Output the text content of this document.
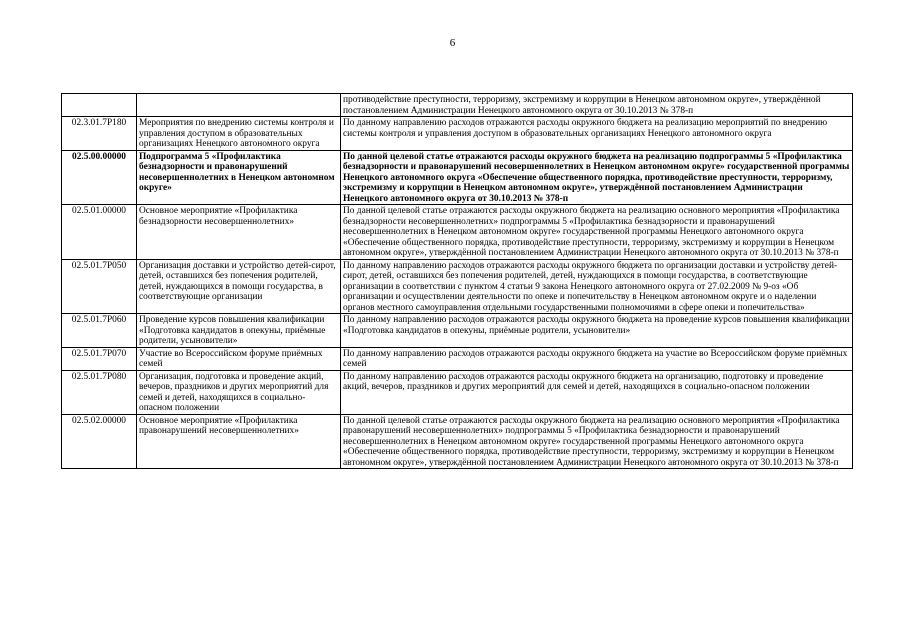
6
		противодействие преступности, терроризму, экстремизму и коррупции в Ненецком автономном округе», утверждённой постановлением Администрации Ненецкого автономного округа от 30.10.2013 № 378-п
02.3.01.7Р180	Мероприятия по внедрению системы контроля и управления доступом в образовательных организациях Ненецкого автономного округа	По данному направлению расходов отражаются расходы окружного бюджета на реализацию мероприятий по внедрению системы контроля и управления доступом в образовательных организациях Ненецкого автономного округа
02.5.00.00000	Подпрограмма 5 «Профилактика безнадзорности и правонарушений несовершеннолетних в Ненецком автономном округе»	По данной целевой статье отражаются расходы окружного бюджета на реализацию подпрограммы 5 «Профилактика безнадзорности и правонарушений несовершеннолетних в Ненецком автономном округе» государственной программы Ненецкого автономного округа «Обеспечение общественного порядка, противодействие преступности, терроризму, экстремизму и коррупции в Ненецком автономном округе», утверждённой постановлением Администрации Ненецкого автономного округа от 30.10.2013 № 378-п
02.5.01.00000	Основное мероприятие «Профилактика безнадзорности несовершеннолетних»	По данной целевой статье отражаются расходы окружного бюджета на реализацию основного мероприятия «Профилактика безнадзорности несовершеннолетних» подпрограммы 5 «Профилактика безнадзорности и правонарушений несовершеннолетних в Ненецком автономном округе» государственной программы Ненецкого автономного округа «Обеспечение общественного порядка, противодействие преступности, терроризму, экстремизму и коррупции в Ненецком автономном округе», утверждённой постановлением Администрации Ненецкого автономного округа от 30.10.2013 № 378-п
02.5.01.7Р050	Организация доставки и устройство детей-сирот, детей, оставшихся без попечения родителей, детей, нуждающихся в помощи государства, в соответствующие организации	По данному направлению расходов отражаются расходы окружного бюджета по организации доставки и устройству детей-сирот, детей, оставшихся без попечения родителей, детей, нуждающихся в помощи государства, в соответствующие организации в соответствии с пунктом 4 статьи 9 закона Ненецкого автономного округа от 27.02.2009 № 9-оз «Об организации и осуществлении деятельности по опеке и попечительству в Ненецком автономном округе и о наделении органов местного самоуправления отдельными государственными полномочиями в сфере опеки и попечительства»
02.5.01.7Р060	Проведение курсов повышения квалификации «Подготовка кандидатов в опекуны, приёмные родители, усыновители»	По данному направлению расходов отражаются расходы окружного бюджета на проведение курсов повышения квалификации «Подготовка кандидатов в опекуны, приёмные родители, усыновители»
02.5.01.7Р070	Участие во Всероссийском форуме приёмных семей	По данному направлению расходов отражаются расходы окружного бюджета на участие во Всероссийском форуме приёмных семей
02.5.01.7Р080	Организация, подготовка и проведение акций, вечеров, праздников и других мероприятий для семей и детей, находящихся в социально-опасном положении	По данному направлению расходов отражаются расходы окружного бюджета на организацию, подготовку и проведение акций, вечеров, праздников и других мероприятий для семей и детей, находящихся в социально-опасном положении
02.5.02.00000	Основное мероприятие «Профилактика правонарушений несовершеннолетних»	По данной целевой статье отражаются расходы окружного бюджета на реализацию основного мероприятия «Профилактика правонарушений несовершеннолетних» подпрограммы 5 «Профилактика безнадзорности и правонарушений несовершеннолетних в Ненецком автономном округе» государственной программы Ненецкого автономного округа «Обеспечение общественного порядка, противодействие преступности, терроризму, экстремизму и коррупции в Ненецком автономном округе», утверждённой постановлением Администрации Ненецкого автономного округа от 30.10.2013 № 378-п
